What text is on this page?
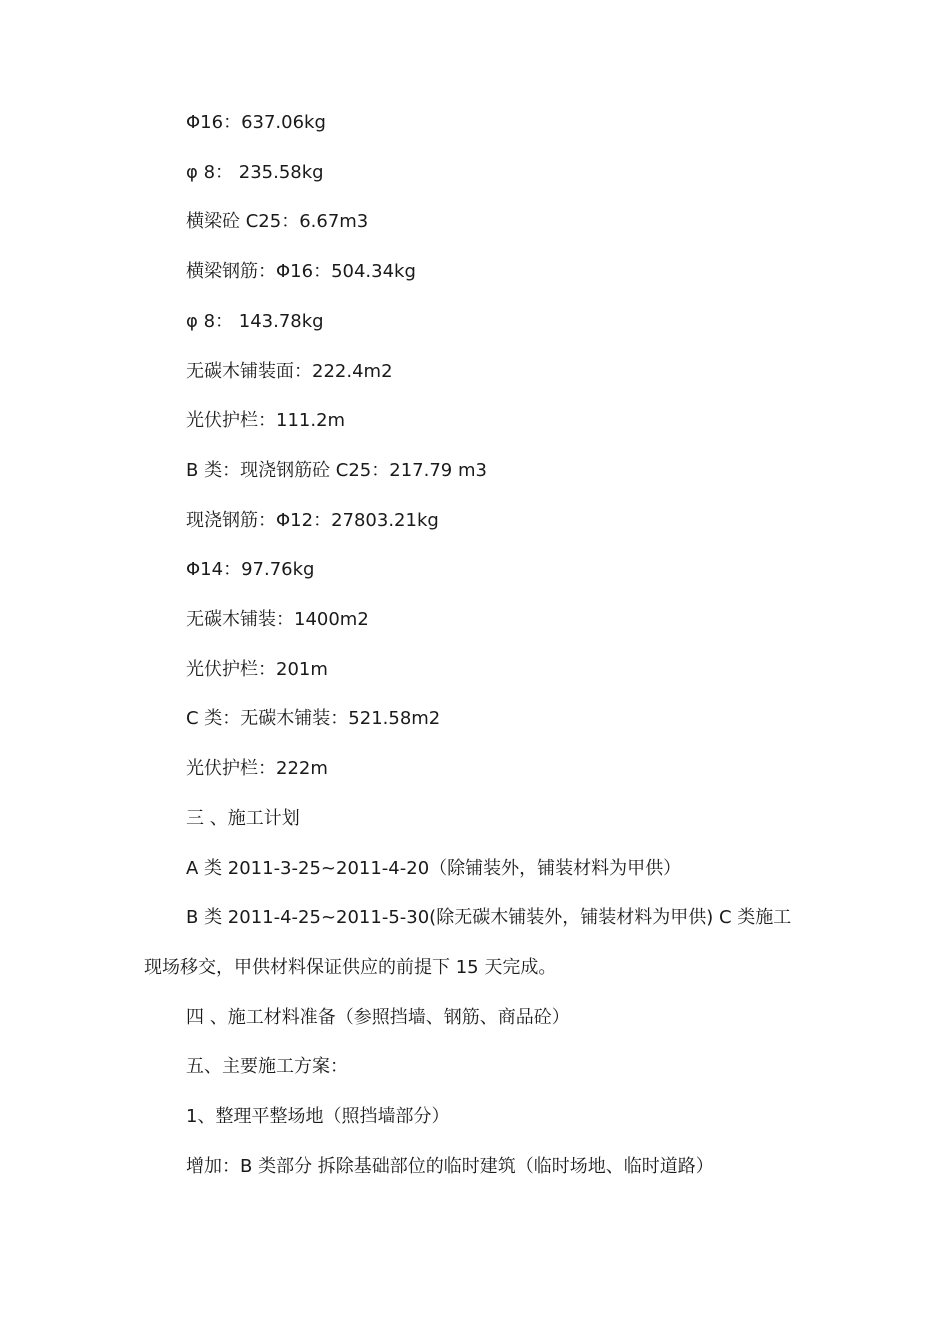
Φ16：637.06kg

φ 8： 235.58kg

横梁砼 C25：6.67m3

横梁钢筋：Φ16：504.34kg

φ 8： 143.78kg

无碳木铺装面：222.4m2

光伏护栏：111.2m

B 类：现浇钢筋砼 C25：217.79 m3

现浇钢筋：Φ12：27803.21kg

Φ14：97.76kg

无碳木铺装：1400m2

光伏护栏：201m

C 类：无碳木铺装：521.58m2

光伏护栏：222m

三 、施工计划

A 类 2011-3-25~2011-4-20（除铺装外，铺装材料为甲供）

B 类 2011-4-25~2011-5-30(除无碳木铺装外，铺装材料为甲供) C 类施工现场移交，甲供材料保证供应的前提下 15 天完成。

四 、施工材料准备（参照挡墙、钢筋、商品砼）

五、主要施工方案：

1、整理平整场地（照挡墙部分）

增加：B 类部分 拆除基础部位的临时建筑（临时场地、临时道路）
